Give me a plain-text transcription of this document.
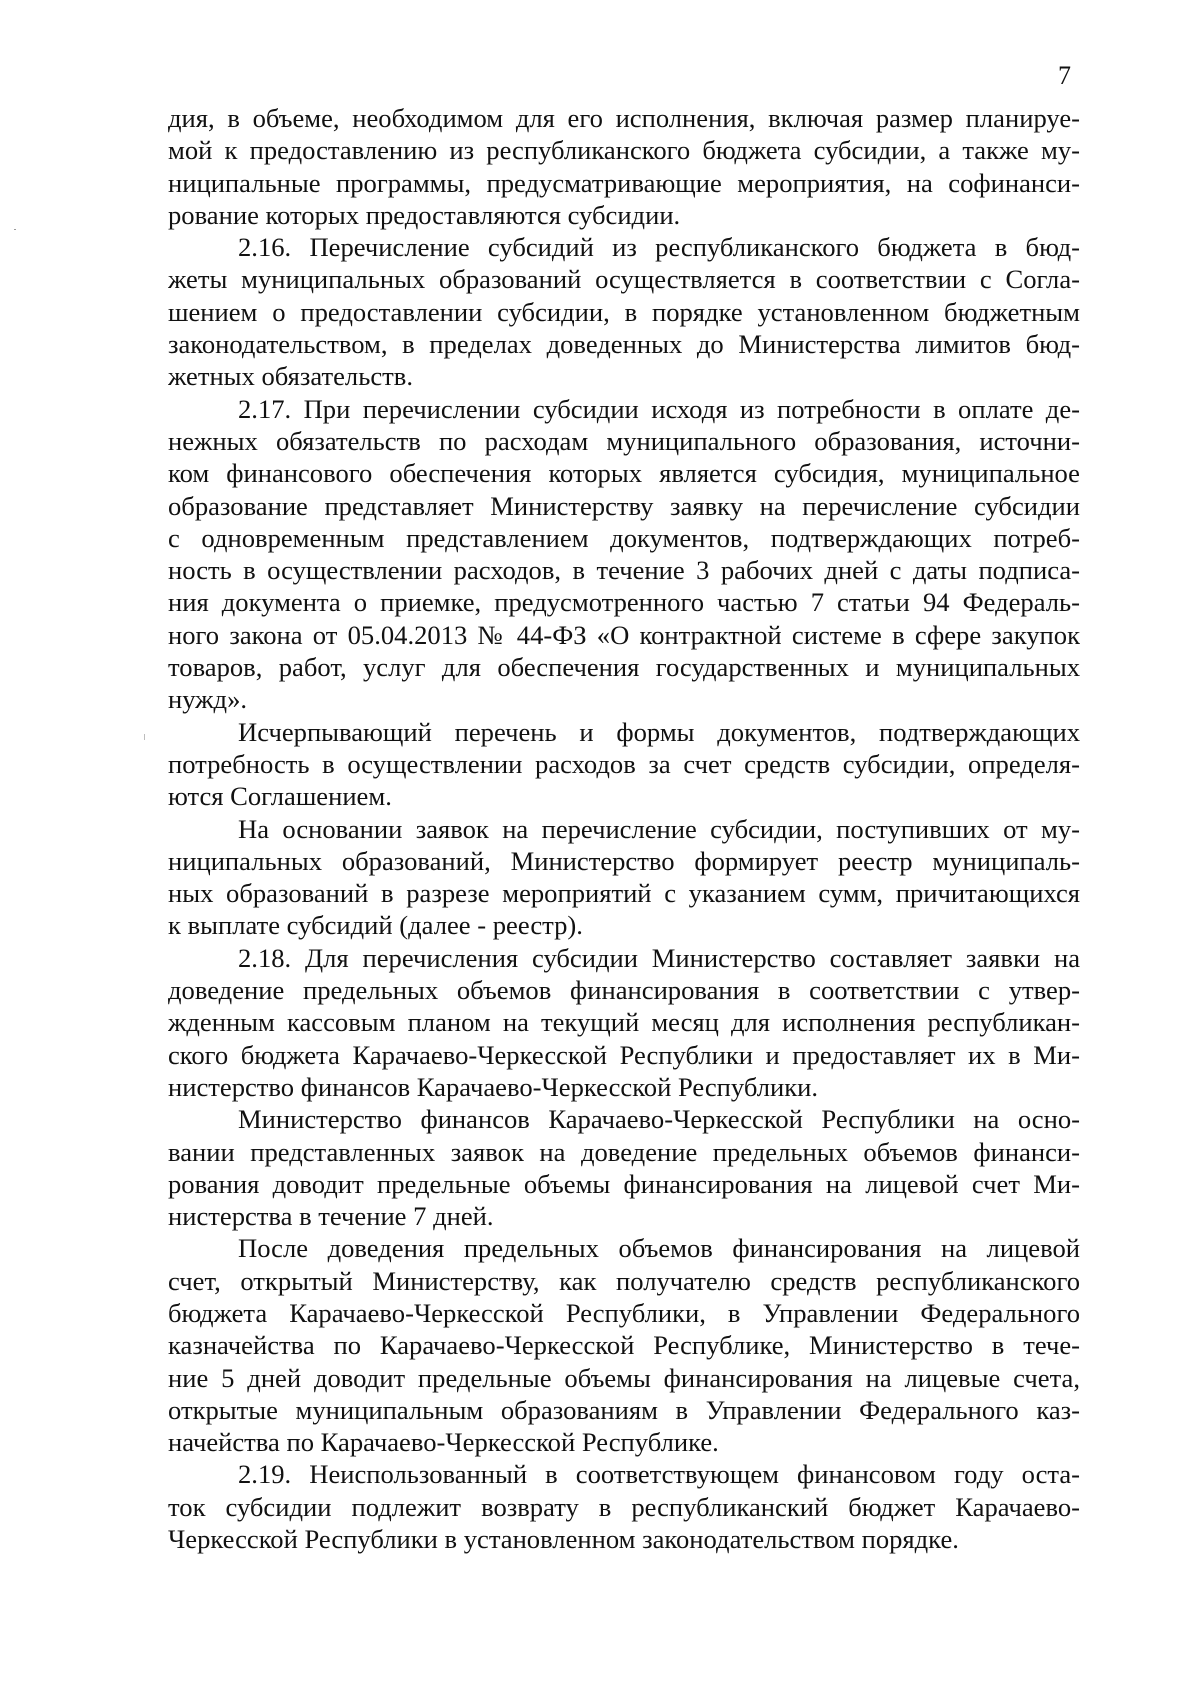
7
дия, в объеме, необходимом для его исполнения, включая размер планируе-
мой к предоставлению из республиканского бюджета субсидии, а также му-
ниципальные программы, предусматривающие мероприятия, на софинанси-
рование которых предоставляются субсидии.
2.16. Перечисление субсидий из республиканского бюджета в бюд-
жеты муниципальных образований осуществляется в соответствии с Согла-
шением о предоставлении субсидии, в порядке установленном бюджетным
законодательством, в пределах доведенных до Министерства лимитов бюд-
жетных обязательств.
2.17. При перечислении субсидии исходя из потребности в оплате де-
нежных обязательств по расходам муниципального образования, источни-
ком финансового обеспечения которых является субсидия, муниципальное
образование представляет Министерству заявку на перечисление субсидии
с одновременным представлением документов, подтверждающих потреб-
ность в осуществлении расходов, в течение 3 рабочих дней с даты подписа-
ния документа о приемке, предусмотренного частью 7 статьи 94 Федераль-
ного закона от 05.04.2013 № 44-ФЗ «О контрактной системе в сфере закупок
товаров, работ, услуг для обеспечения государственных и муниципальных
нужд».
Исчерпывающий перечень и формы документов, подтверждающих
потребность в осуществлении расходов за счет средств субсидии, определя-
ются Соглашением.
На основании заявок на перечисление субсидии, поступивших от му-
ниципальных образований, Министерство формирует реестр муниципаль-
ных образований в разрезе мероприятий с указанием сумм, причитающихся
к выплате субсидий (далее - реестр).
2.18. Для перечисления субсидии Министерство составляет заявки на
доведение предельных объемов финансирования в соответствии с утвер-
жденным кассовым планом на текущий месяц для исполнения республикан-
ского бюджета Карачаево-Черкесской Республики и предоставляет их в Ми-
нистерство финансов Карачаево-Черкесской Республики.
Министерство финансов Карачаево-Черкесской Республики на осно-
вании представленных заявок на доведение предельных объемов финанси-
рования доводит предельные объемы финансирования на лицевой счет Ми-
нистерства в течение 7 дней.
После доведения предельных объемов финансирования на лицевой
счет, открытый Министерству, как получателю средств республиканского
бюджета Карачаево-Черкесской Республики, в Управлении Федерального
казначейства по Карачаево-Черкесской Республике, Министерство в тече-
ние 5 дней доводит предельные объемы финансирования на лицевые счета,
открытые муниципальным образованиям в Управлении Федерального каз-
начейства по Карачаево-Черкесской Республике.
2.19. Неиспользованный в соответствующем финансовом году оста-
ток субсидии подлежит возврату в республиканский бюджет Карачаево-
Черкесской Республики в установленном законодательством порядке.
